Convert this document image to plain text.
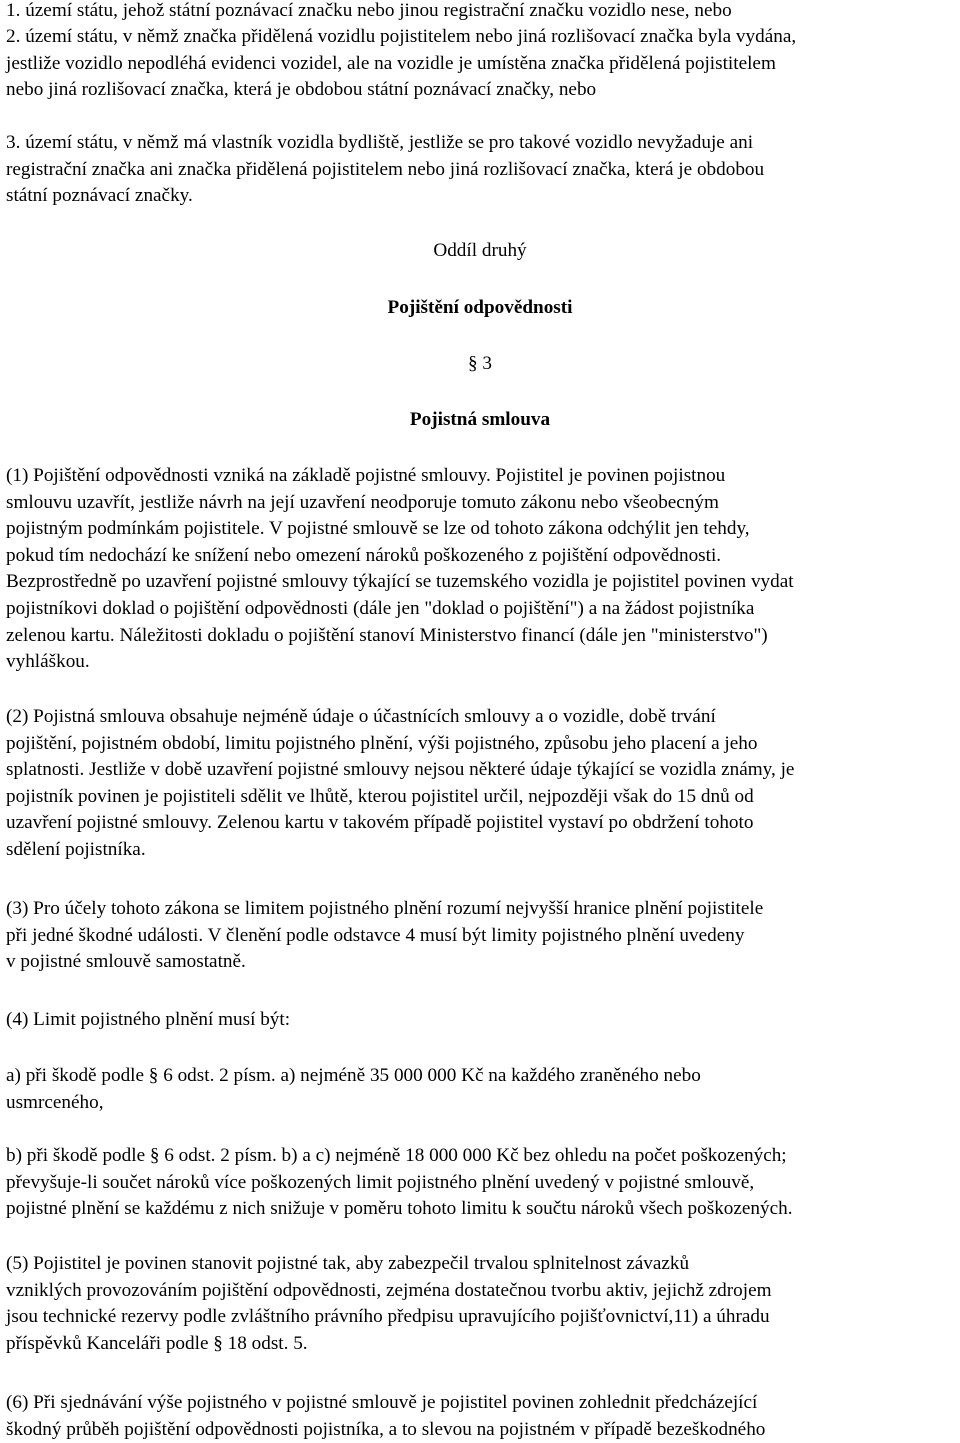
1. území státu, jehož státní poznávací značku nebo jinou registrační značku vozidlo nese, nebo

2. území státu, v němž značka přidělená vozidlu pojistitelem nebo jiná rozlišovací značka byla vydána,
jestliže vozidlo nepodléhá evidenci vozidel, ale na vozidle je umístěna značka přidělená pojistitelem
nebo jiná rozlišovací značka, která je obdobou státní poznávací značky, nebo

3. území státu, v němž má vlastník vozidla bydliště, jestliže se pro takové vozidlo nevyžaduje ani
registrační značka ani značka přidělená pojistitelem nebo jiná rozlišovací značka, která je obdobou
státní poznávací značky.

Oddíl druhý

Pojištění odpovědnosti

§ 3

Pojistná smlouva

(1) Pojištění odpovědnosti vzniká na základě pojistné smlouvy. Pojistitel je povinen pojistnou
smlouvu uzavřít, jestliže návrh na její uzavření neodporuje tomuto zákonu nebo všeobecným
pojistným podmínkám pojistitele. V pojistné smlouvě se lze od tohoto zákona odchýlit jen tehdy,
pokud tím nedochází ke snížení nebo omezení nároků poškozeného z pojištění odpovědnosti.
Bezprostředně po uzavření pojistné smlouvy týkající se tuzemského vozidla je pojistitel povinen vydat
pojistníkovi doklad o pojištění odpovědnosti (dále jen "doklad o pojištění") a na žádost pojistníka
zelenou kartu. Náležitosti dokladu o pojištění stanoví Ministerstvo financí (dále jen "ministerstvo")
vyhláškou.

(2) Pojistná smlouva obsahuje nejméně údaje o účastnících smlouvy a o vozidle, době trvání
pojištění, pojistném období, limitu pojistného plnění, výši pojistného, způsobu jeho placení a jeho
splatnosti. Jestliže v době uzavření pojistné smlouvy nejsou některé údaje týkající se vozidla známy, je
pojistník povinen je pojistiteli sdělit ve lhůtě, kterou pojistitel určil, nejpozději však do 15 dnů od
uzavření pojistné smlouvy. Zelenou kartu v takovém případě pojistitel vystaví po obdržení tohoto
sdělení pojistníka.

(3) Pro účely tohoto zákona se limitem pojistného plnění rozumí nejvyšší hranice plnění pojistitele
při jedné škodné události. V členění podle odstavce 4 musí být limity pojistného plnění uvedeny
v pojistné smlouvě samostatně.

(4) Limit pojistného plnění musí být:

a) při škodě podle § 6 odst. 2 písm. a) nejméně 35 000 000 Kč na každého zraněného nebo
usmrceného,

b) při škodě podle § 6 odst. 2 písm. b) a c) nejméně 18 000 000 Kč bez ohledu na počet poškozených;
převyšuje-li součet nároků více poškozených limit pojistného plnění uvedený v pojistné smlouvě,
pojistné plnění se každému z nich snižuje v poměru tohoto limitu k součtu nároků všech poškozených.

(5) Pojistitel je povinen stanovit pojistné tak, aby zabezpečil trvalou splnitelnost závazků
vzniklých provozováním pojištění odpovědnosti, zejména dostatečnou tvorbu aktiv, jejichž zdrojem
jsou technické rezervy podle zvláštního právního předpisu upravujícího pojišťovnictví,11) a úhradu
příspěvků Kanceláři podle § 18 odst. 5.

(6) Při sjednávání výše pojistného v pojistné smlouvě je pojistitel povinen zohlednit předcházející
škodný průběh pojištění odpovědnosti pojistníka, a to slevou na pojistném v případě bezeškodného
